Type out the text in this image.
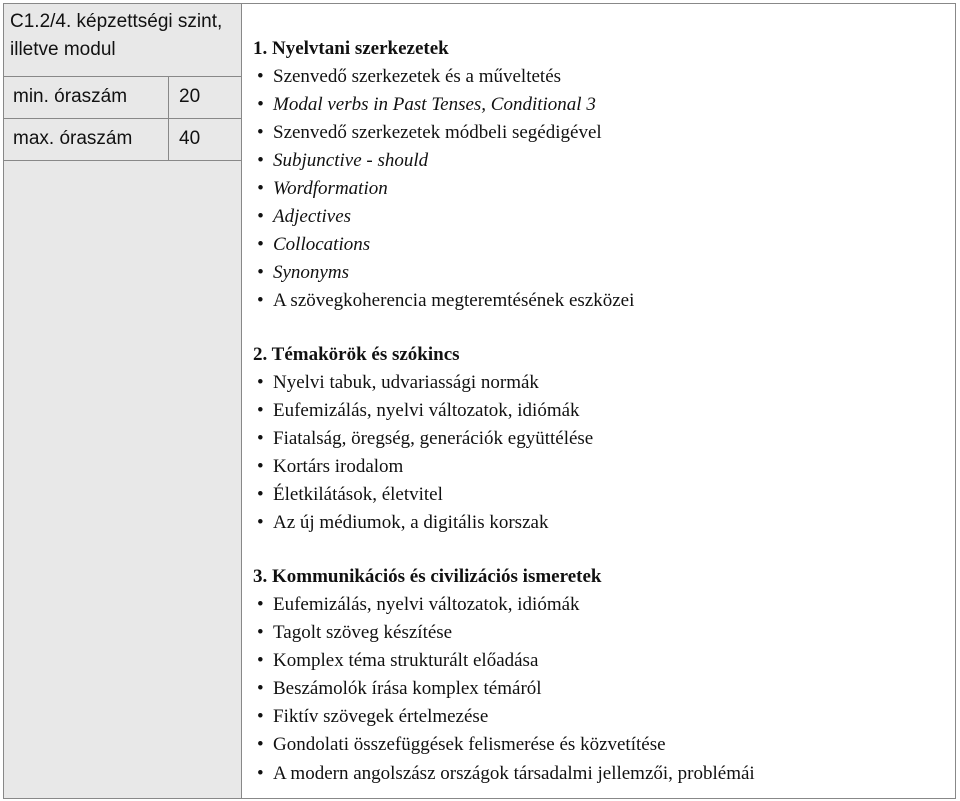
C1.2/4. képzettségi szint, illetve modul
min. óraszám	20
max. óraszám 40
1. Nyelvtani szerkezetek
• Szenvedő szerkezetek és a műveltetés
• Modal verbs in Past Tenses, Conditional 3
• Szenvedő szerkezetek módbeli segédigével
• Subjunctive - should
• Wordformation
• Adjectives
• Collocations
• Synonyms
• A szövegkoherencia megteremtésének eszközei
2. Témakörök és szókincs
• Nyelvi tabuk, udvariassági normák
• Eufemizálás, nyelvi változatok, idiómák
• Fiatalság, öregség, generációk együttélése
• Kortárs irodalom
• Életkilátások, életvitel
• Az új médiumok, a digitális korszak
3. Kommunikációs és civilizációs ismeretek
• Eufemizálás, nyelvi változatok, idiómák
• Tagolt szöveg készítése
• Komplex téma strukturált előadása
• Beszámolók írása komplex témáról
• Fiktív szövegek értelmezése
• Gondolati összefüggések felismerése és közvetítése
• A modern angolszász országok társadalmi jellemzői, problémái
